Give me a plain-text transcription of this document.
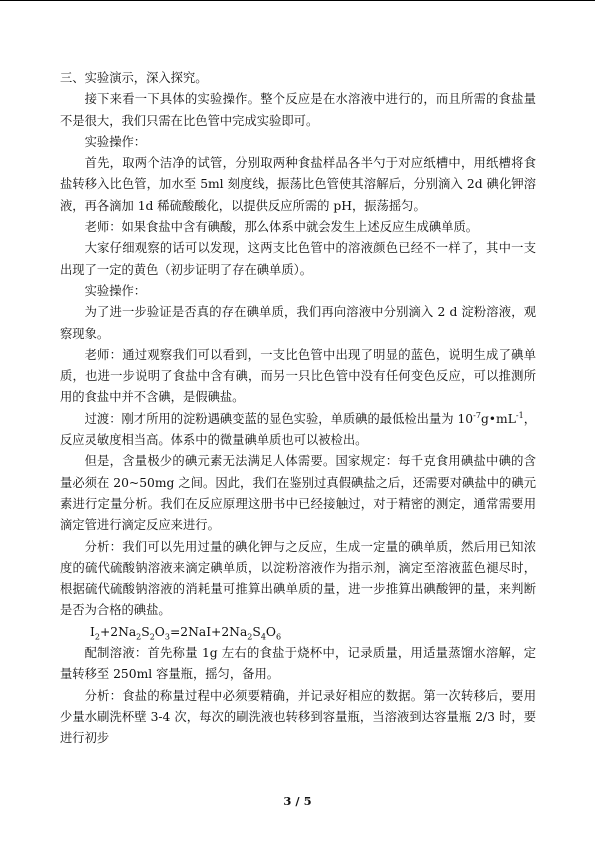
三、实验演示，深入探究。

接下来看一下具体的实验操作。整个反应是在水溶液中进行的，而且所需的食盐量不是很大，我们只需在比色管中完成实验即可。

实验操作：

首先，取两个洁净的试管，分别取两种食盐样品各半勺于对应纸槽中，用纸槽将食盐转移入比色管，加水至 5ml 刻度线，振荡比色管使其溶解后，分别滴入 2d 碘化钾溶液，再各滴加 1d 稀硫酸酸化，以提供反应所需的 pH，振荡摇匀。

老师：如果食盐中含有碘酸，那么体系中就会发生上述反应生成碘单质。

大家仔细观察的话可以发现，这两支比色管中的溶液颜色已经不一样了，其中一支出现了一定的黄色（初步证明了存在碘单质）。

实验操作：

为了进一步验证是否真的存在碘单质，我们再向溶液中分别滴入 2 d 淀粉溶液，观察现象。

老师：通过观察我们可以看到，一支比色管中出现了明显的蓝色，说明生成了碘单质，也进一步说明了食盐中含有碘，而另一只比色管中没有任何变色反应，可以推测所用的食盐中并不含碘，是假碘盐。

过渡：刚才所用的淀粉遇碘变蓝的显色实验，单质碘的最低检出量为 $10^{-7}g•mL^{-1}$，反应灵敏度相当高。体系中的微量碘单质也可以被检出。

但是，含量极少的碘元素无法满足人体需要。国家规定：每千克食用碘盐中碘的含量必须在 20~50mg 之间。因此，我们在鉴别过真假碘盐之后，还需要对碘盐中的碘元素进行定量分析。我们在反应原理这册书中已经接触过，对于精密的测定，通常需要用滴定管进行滴定反应来进行。

分析：我们可以先用过量的碘化钾与之反应，生成一定量的碘单质，然后用已知浓度的硫代硫酸钠溶液来滴定碘单质，以淀粉溶液作为指示剂，滴定至溶液蓝色褪尽时，根据硫代硫酸钠溶液的消耗量可推算出碘单质的量，进一步推算出碘酸钾的量，来判断是否为合格的碘盐。

$I_2+2Na_2S_2O_3=2NaI+2Na_2S_4O_6$

配制溶液：首先称量 1g 左右的食盐于烧杯中，记录质量，用适量蒸馏水溶解，定量转移至 250ml 容量瓶，摇匀，备用。

分析：食盐的称量过程中必须要精确，并记录好相应的数据。第一次转移后，要用少量水刷洗杯壁 3-4 次，每次的刷洗液也转移到容量瓶，当溶液到达容量瓶 2/3 时，要进行初步

3 / 5
